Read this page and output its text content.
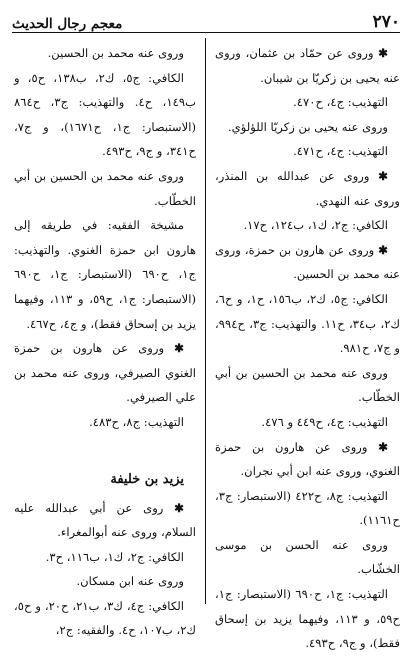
٢٧٠
معجم رجال الحديث

✱ وروى عن حمّاد بن عثمان، وروى عنه يحيى بن زكريّا بن شيبان.

التهذيب: ج٤، ح٤٧٠.

وروى عنه يحيى بن زكريّا اللؤلؤي.

التهذيب: ج٤، ح٤٧١.

✱ وروى عن عبدالله بن المنذر، وروى عنه النهدي.

الكافي: ج٢، ك١، ب١٢٤، ح١٧.

✱ وروى عن هارون بن حمزة، وروى عنه محمد بن الحسين.

الكافي: ج٥، ك٢، ب١٥٦، ح١، و ح٦، ك٢، ب٣٤، ح١١. والتهذيب: ج٣، ح٩٩٤، و ج٧، ح٩٨١.

وروى عنه محمد بن الحسين بن أبي الخطّاب.

التهذيب: ج٤، ح٤٤٩ و ٤٧٦.

✱ وروى عن هارون بن حمزة الغنوي، وروى عنه ابن أبي نجران.

التهذيب: ج٨، ح٤٢٢ (الاستبصار: ج٣، ح١١٦١).

وروى عنه الحسن بن موسى الخشّاب.

التهذيب: ج١، ح٦٩٠ (الاستبصار: ج١، ح٥٩، و ١١٣، وفيهما يزيد بن إسحاق فقط)، و ج٩، ح٤٩٣.

وروى عنه محمد بن الحسين.

الكافي: ج٥، ك٢، ب١٣٨، ح٥، و ب١٤٩، ح٤. والتهذيب: ج٣، ح٨٦٤ (الاستبصار: ج١، ح١٦٧١)، و ج٧، ح٣٤١، و ج٩، ح٤٩٣.

وروى عنه محمد بن الحسين بن أبي الخطّاب.

مشيخة الفقيه: في طريقه إلى هارون ابن حمزة الغنوي. والتهذيب: ج١، ح٦٩٠ (الاستبصار: ج١، ح٦٩٠ (الاستبصار: ج١، ح٥٩، و ١١٣، وفيهما يزيد بن إسحاق فقط)، و ج٤، ح٤٦٧.

✱ وروى عن هارون بن حمزة الغنوي الصيرفي، وروى عنه محمد بن علي الصيرفي.

التهذيب: ج٨، ح٤٨٣.

يزيد بن خليفة

✱ روى عن أبي عبدالله عليه السلام، وروى عنه أبوالمغراء.

الكافي: ج٢، ك١، ب١١٦، ح٣.

وروى عنه ابن مسكان.

الكافي: ج٤، ك٣، ب٢١، ح٢٠، و ح٥، ك٢، ب١٠٧، ح٤. والفقيه: ج٢،
